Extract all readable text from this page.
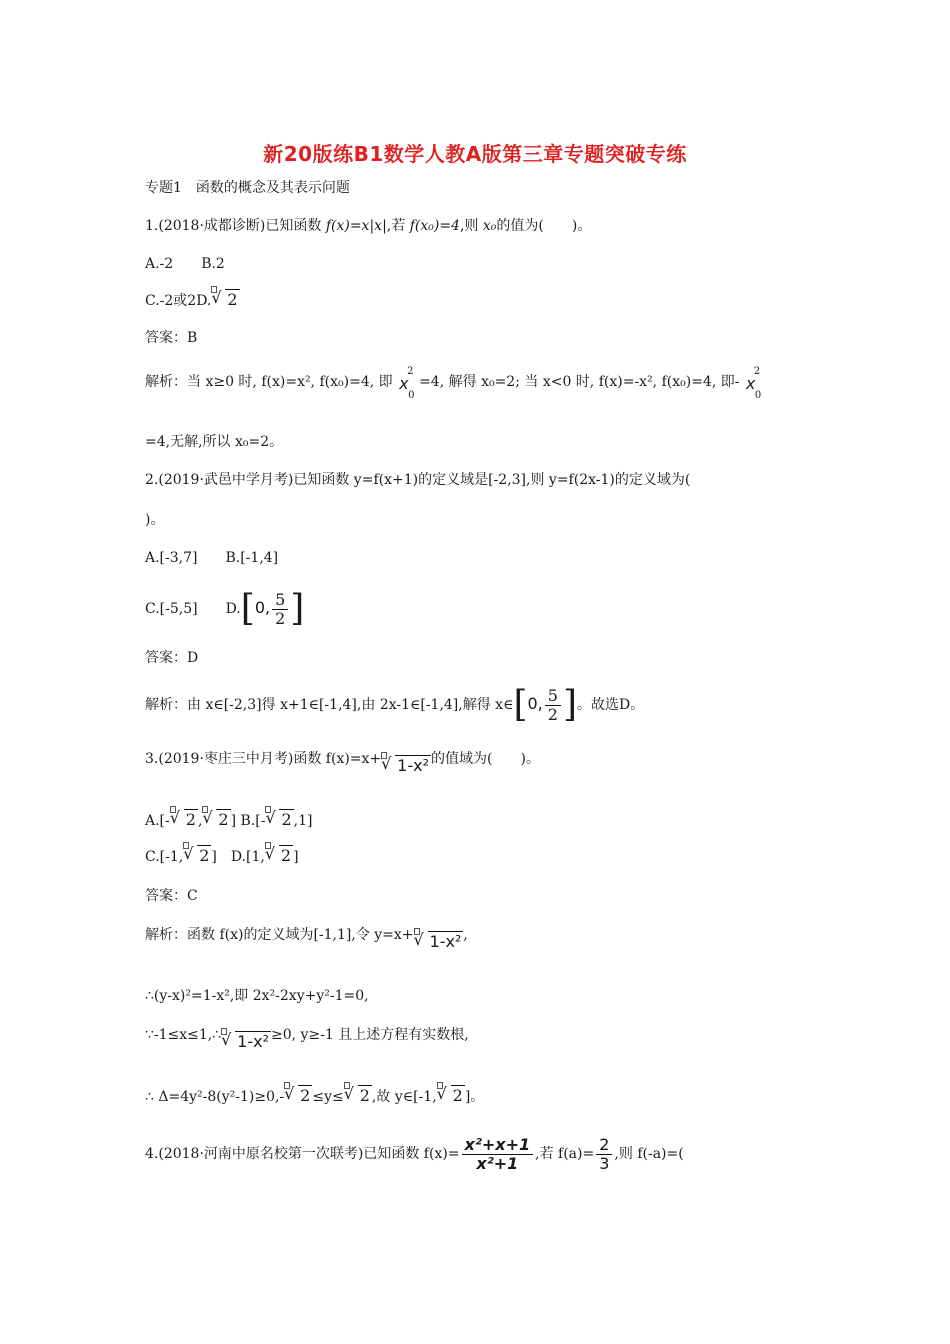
新20版练B1数学人教A版第三章专题突破专练
专题1　函数的概念及其表示问题
1.(2018·成都诊断)已知函数 f(x)=x|x|,若 f(x₀)=4,则 x₀的值为(　　)。
A.-2　　B.2
C.-2或2D. √ 2
答案：B
解析：当 x≥0 时, f(x)=x², f(x₀)=4, 即 x
2
0
=4, 解得 x₀=2; 当 x<0 时, f(x)=-x², f(x₀)=4, 即- x
2
0
=4,无解,所以 x₀=2。
2.(2019·武邑中学月考)已知函数 y=f(x+1)的定义域是[-2,3],则 y=f(2x-1)的定义域为(
)。
A.[-3,7]　　B.[-1,4]
C.[-5,5]　　D.[0, $\frac{5}{2}$ ]
答案：D
解析：由 x∈[-2,3]得 x+1∈[-1,4],由 2x-1∈[-1,4],解得 x∈[0, $\frac{5}{2}$ ]。故选D。
3.(2019·枣庄三中月考)函数 f(x)=x+ √ 1-x² 的值域为(　　)。
A.[- √ 2 , √ 2 ] B.[- √ 2 ,1]
C.[-1, √ 2 ]　D.[1, √ 2 ]
答案：C
解析：函数 f(x)的定义域为[-1,1],令 y=x+ √ 1-x² ,
∴(y-x)²=1-x²,即 2x²-2xy+y²-1=0,
∵-1≤x≤1,∴ √ 1-x² ≥0, y≥-1 且上述方程有实数根,
∴ Δ=4y²-8(y²-1)≥0,- √ 2 ≤y≤ √ 2 ,故 y∈[-1, √ 2 ]。
4.(2018·河南中原名校第一次联考)已知函数 $f(x)= \frac{\text{x²+x+1}}{\text{x²+1}}$ ,若 $f(a)= \frac{2}{3}$ ,则 f(-a)=(
